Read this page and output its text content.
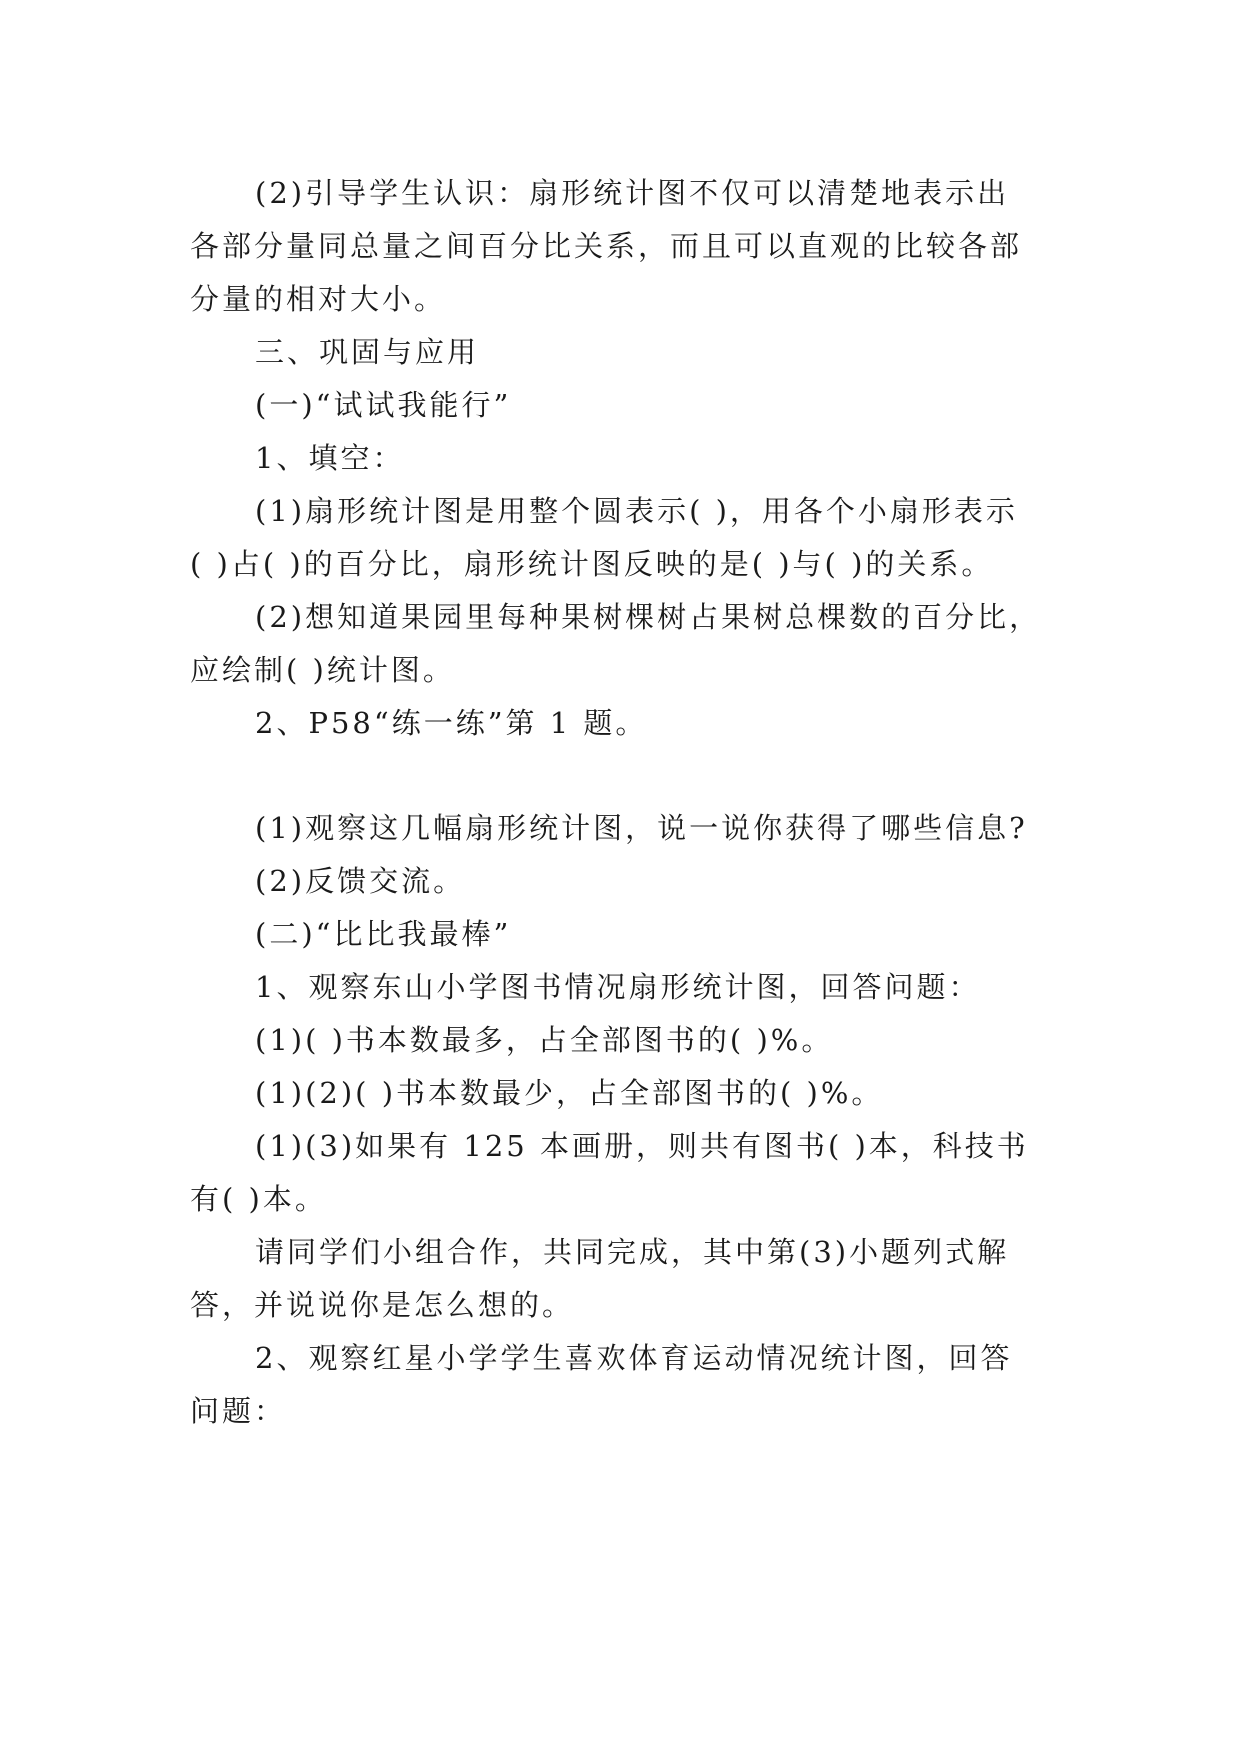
(2)引导学生认识：扇形统计图不仅可以清楚地表示出
各部分量同总量之间百分比关系，而且可以直观的比较各部
分量的相对大小。
三、巩固与应用
(一)“试试我能行”
1、填空：
(1)扇形统计图是用整个圆表示( )，用各个小扇形表示
( )占( )的百分比，扇形统计图反映的是( )与( )的关系。
(2)想知道果园里每种果树棵树占果树总棵数的百分比，
应绘制( )统计图。
2、P58“练一练”第 1 题。
(1)观察这几幅扇形统计图，说一说你获得了哪些信息?
(2)反馈交流。
(二)“比比我最棒”
1、观察东山小学图书情况扇形统计图，回答问题：
(1)( )书本数最多，占全部图书的( )%。
(1)(2)( )书本数最少，占全部图书的( )%。
(1)(3)如果有 125 本画册，则共有图书( )本，科技书
有( )本。
请同学们小组合作，共同完成，其中第(3)小题列式解
答，并说说你是怎么想的。
2、观察红星小学学生喜欢体育运动情况统计图，回答
问题：
